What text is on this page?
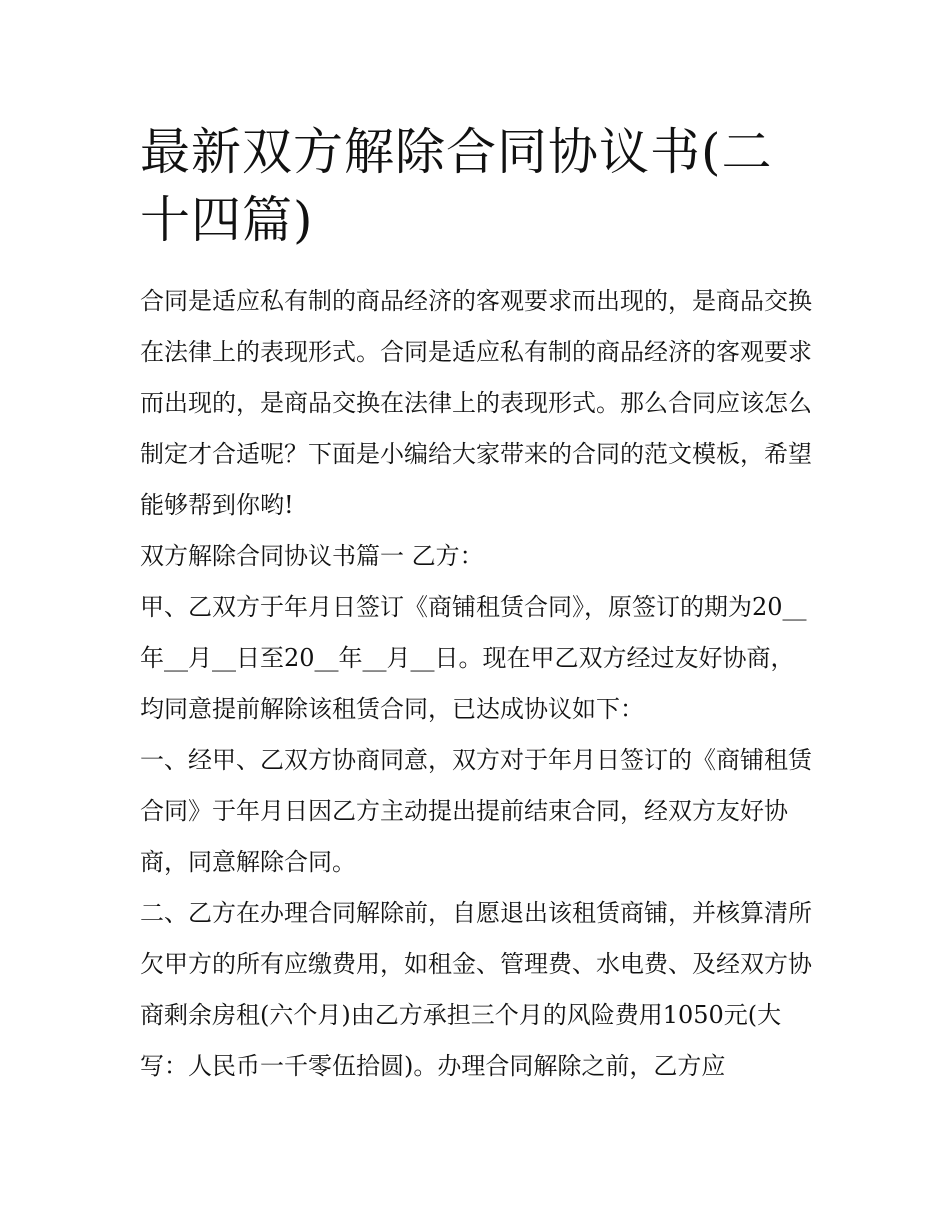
最新双方解除合同协议书(二十四篇)

合同是适应私有制的商品经济的客观要求而出现的，是商品交换在法律上的表现形式。合同是适应私有制的商品经济的客观要求而出现的，是商品交换在法律上的表现形式。那么合同应该怎么制定才合适呢？下面是小编给大家带来的合同的范文模板，希望能够帮到你哟!

双方解除合同协议书篇一 乙方：

甲、乙双方于年月日签订《商铺租赁合同》，原签订的期为20__年__月__日至20__年__月__日。现在甲乙双方经过友好协商，均同意提前解除该租赁合同，已达成协议如下：

一、经甲、乙双方协商同意，双方对于年月日签订的《商铺租赁合同》于年月日因乙方主动提出提前结束合同，经双方友好协商，同意解除合同。

二、乙方在办理合同解除前，自愿退出该租赁商铺，并核算清所欠甲方的所有应缴费用，如租金、管理费、水电费、及经双方协商剩余房租(六个月)由乙方承担三个月的风险费用1050元(大写：人民币一千零伍拾圆)。办理合同解除之前，乙方应
